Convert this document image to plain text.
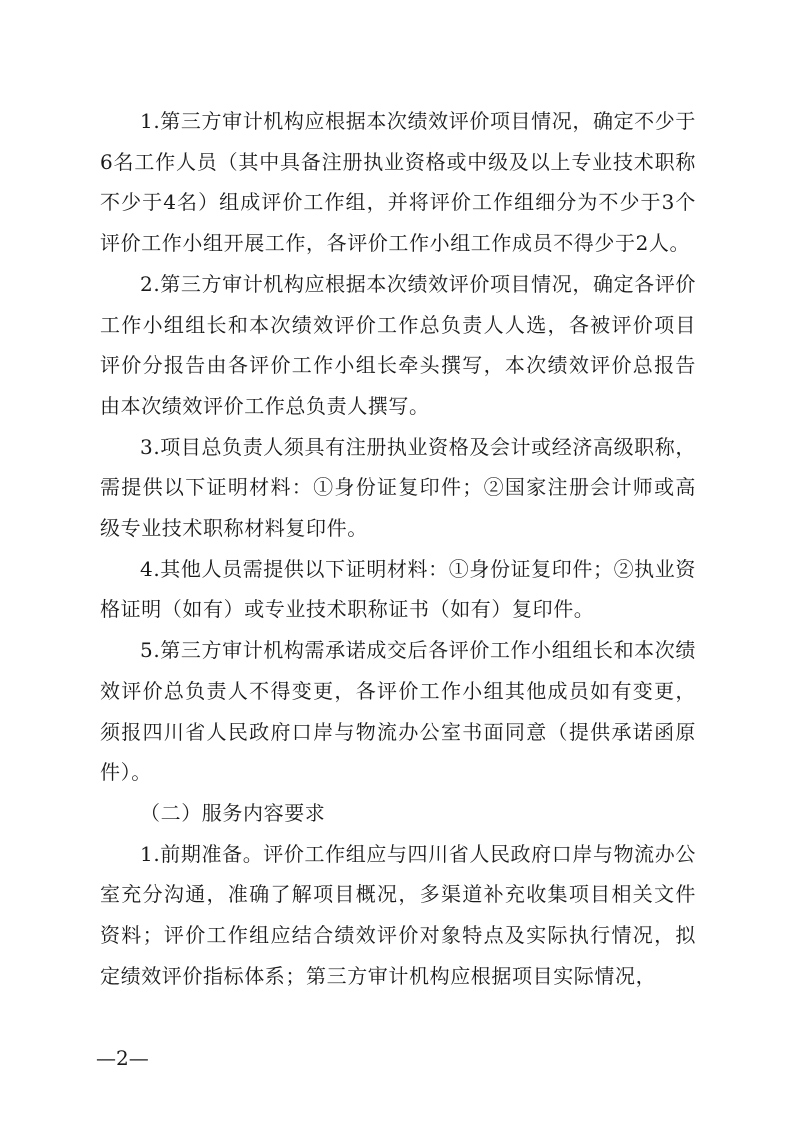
1.第三方审计机构应根据本次绩效评价项目情况，确定不少于6名工作人员（其中具备注册执业资格或中级及以上专业技术职称不少于4名）组成评价工作组，并将评价工作组细分为不少于3个评价工作小组开展工作，各评价工作小组工作成员不得少于2人。

2.第三方审计机构应根据本次绩效评价项目情况，确定各评价工作小组组长和本次绩效评价工作总负责人人选，各被评价项目评价分报告由各评价工作小组长牵头撰写，本次绩效评价总报告由本次绩效评价工作总负责人撰写。

3.项目总负责人须具有注册执业资格及会计或经济高级职称，需提供以下证明材料：①身份证复印件；②国家注册会计师或高级专业技术职称材料复印件。

4.其他人员需提供以下证明材料：①身份证复印件；②执业资格证明（如有）或专业技术职称证书（如有）复印件。

5.第三方审计机构需承诺成交后各评价工作小组组长和本次绩效评价总负责人不得变更，各评价工作小组其他成员如有变更，须报四川省人民政府口岸与物流办公室书面同意（提供承诺函原件）。

（二）服务内容要求

1.前期准备。评价工作组应与四川省人民政府口岸与物流办公室充分沟通，准确了解项目概况，多渠道补充收集项目相关文件资料；评价工作组应结合绩效评价对象特点及实际执行情况，拟定绩效评价指标体系；第三方审计机构应根据项目实际情况，

—2—
